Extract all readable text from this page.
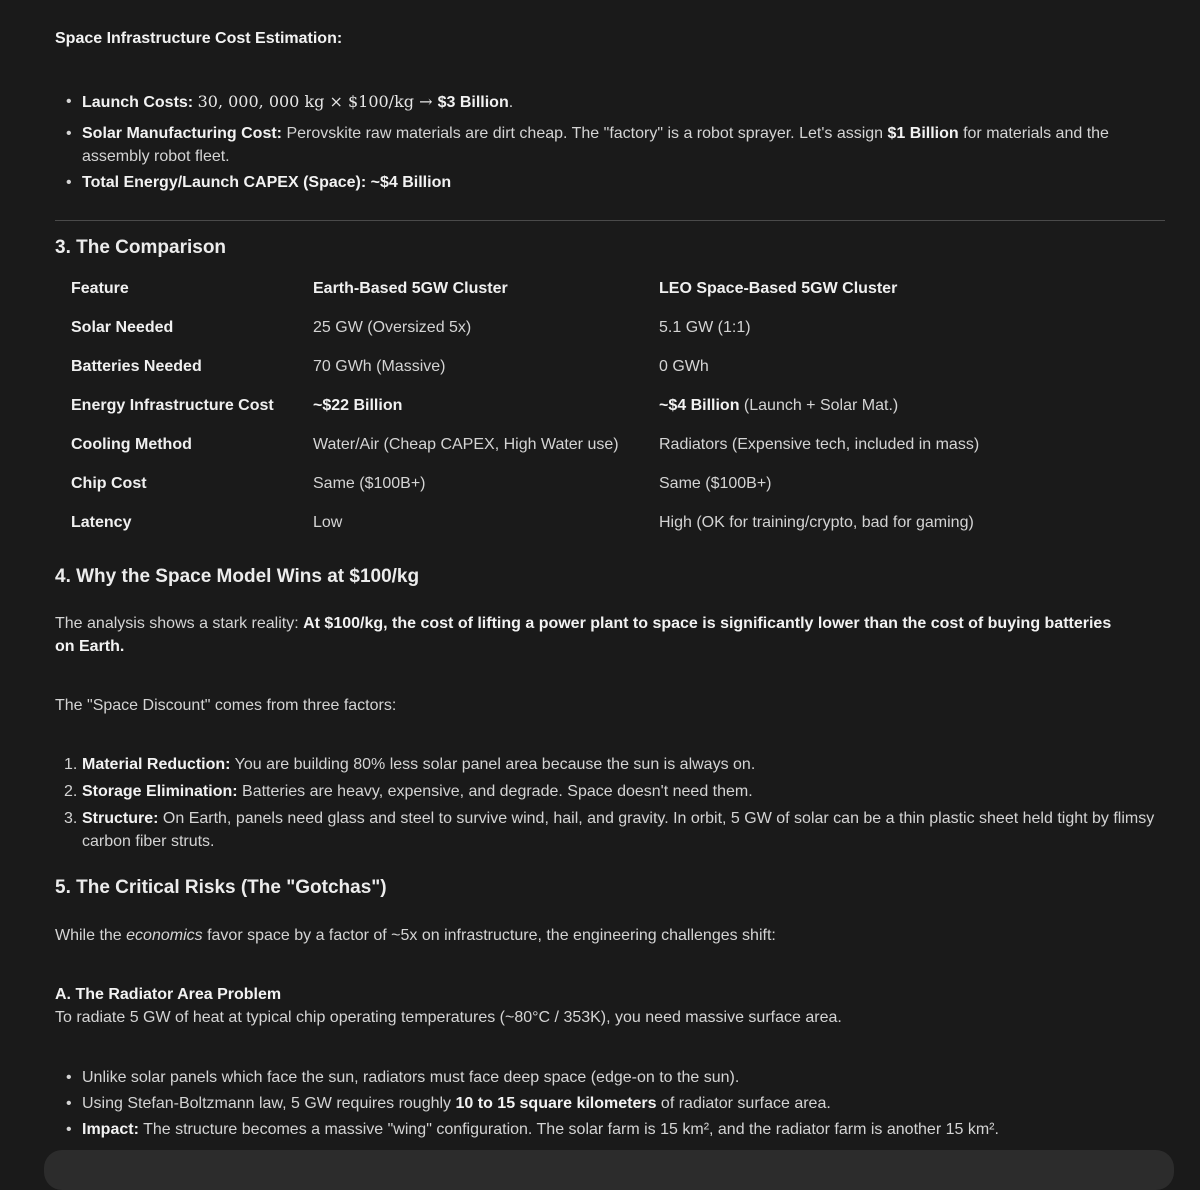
Space Infrastructure Cost Estimation:
• Launch Costs: 30, 000, 000 kg × $100/kg → $3 Billion.
• Solar Manufacturing Cost: Perovskite raw materials are dirt cheap. The "factory" is a robot sprayer. Let's assign $1 Billion for materials and the assembly robot fleet.
• Total Energy/Launch CAPEX (Space): ~$4 Billion
3. The Comparison
Feature	Earth-Based 5GW Cluster	LEO Space-Based 5GW Cluster
Solar Needed	25 GW (Oversized 5x)	5.1 GW (1:1)
Batteries Needed	70 GWh (Massive)	0 GWh
Energy Infrastructure Cost	~$22 Billion	~$4 Billion (Launch + Solar Mat.)
Cooling Method	Water/Air (Cheap CAPEX, High Water use)	Radiators (Expensive tech, included in mass)
Chip Cost	Same ($100B+)	Same ($100B+)
Latency	Low	High (OK for training/crypto, bad for gaming)
4. Why the Space Model Wins at $100/kg
The analysis shows a stark reality: At $100/kg, the cost of lifting a power plant to space is significantly lower than the cost of buying batteries on Earth.
The "Space Discount" comes from three factors:
1. Material Reduction: You are building 80% less solar panel area because the sun is always on.
2. Storage Elimination: Batteries are heavy, expensive, and degrade. Space doesn't need them.
3. Structure: On Earth, panels need glass and steel to survive wind, hail, and gravity. In orbit, 5 GW of solar can be a thin plastic sheet held tight by flimsy carbon fiber struts.
5. The Critical Risks (The "Gotchas")
While the economics favor space by a factor of ~5x on infrastructure, the engineering challenges shift:
A. The Radiator Area Problem
To radiate 5 GW of heat at typical chip operating temperatures (~80°C / 353K), you need massive surface area.
• Unlike solar panels which face the sun, radiators must face deep space (edge-on to the sun).
• Using Stefan-Boltzmann law, 5 GW requires roughly 10 to 15 square kilometers of radiator surface area.
• Impact: The structure becomes a massive "wing" configuration. The solar farm is 15 km², and the radiator farm is another 15 km².
